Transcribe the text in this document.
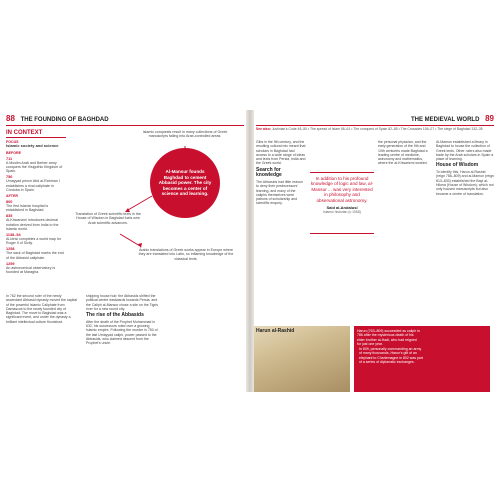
88 THE FOUNDING OF BAGHDAD
IN CONTEXT
FOCUS
Islamic society and science
BEFORE
711
A Muslim Arab and Berber army conquers the Visigothic Kingdom of Spain.
756
Umayyad prince Abd al-Rahman I establishes a rival caliphate in Córdoba in Spain.
AFTER
800
The first Islamic hospital is established in Baghdad.
835
Al-Khwarizmi introduces decimal notation derived from India to the Islamic world.
1138–54
Al-Idrisi completes a world map for Roger II of Sicily.
1258
The sack of Baghdad marks the end of the Abbasid caliphate.
1259
An astronomical observatory is founded at Maragha.
Islamic conquests result in many collections of Greek manuscripts falling into Arab-controlled areas.
Al-Mansur founds Baghdad to cement Abbasid power. The city becomes a center of science and learning.
Translation of Greek scientific texts in the House of Wisdom in Baghdad fuels new Arab scientific advances.
Arabic translations of Greek works appear in Europe where they are translated into Latin, so inflaming knowledge of the classical texts.
In 762 the second ruler of the newly ascendant Abbasid dynasty moved the capital of the powerful Islamic Caliphate from Damascus to the newly founded city of Baghdad. The move to Baghdad was a significant event, and under the dynasty a brilliant intellectual culture flourished.
shipping house hub: the Abbasids shifted the political centre eastwards towards Persia, and the Caliph al-Mansur chose a site on the Tigris river for a new round city.
The rise of the Abbasids
After the death of the Prophet Muhammad in 632, his successors ruled over a growing Islamic empire. Following the murder in 750 of the last Umayyad caliph, power passed to the Abbasids, who claimed descent from the Prophet's uncle.
THE MEDIEVAL WORLD 89
See also: Justinian's Code 48–50 • The spread of Islam 58–61 • The conquest of Spain 82–85 • The Crusades 106–07 • The siege of Baghdad 132–35
Gibs in the 9th century, and the resulting cultural mix meant that scholars in Baghdad had access to a wide range of ideas and texts from Persia, India and the Greek world.
Search for knowledge
The Abbasids had little reason to deny their predecessors' learning, and many of the caliphs themselves were patrons of scholarship and scientific enquiry.
In addition to his profound knowledge of logic and law, al-Mansur ... was very interested in philosophy and observational astronomy.
Said al-Andalusi
Islamic historian (c.1068)
the personal physician, and the early generation of the 9th and 10th centuries made Baghdad a leading centre of medicine, astronomy and mathematics, where the al-Khwarizmi worked.
Al-Mamun established a library in Baghdad to house the collection of Greek texts. Other rulers also made trade by the Arab scholars in Spain a place of learning.
House of Wisdom
To identify this, Harun al-Rashid (reign 786–809) and al-Mamun (reign 813–833) established the Bayt al-Hikma (House of Wisdom), which not only housed manuscripts but also became a centre of translation.
Harun al-Rashid	Harun (763–809) succeeded as caliph in 786 after the mysterious death of his elder brother al-Hadi, who had reigned for just one year. In 809, personally commanding an army of many thousands, Harun's gift of an elephant to Charlemagne in 802 was part of a series of diplomatic exchanges.
